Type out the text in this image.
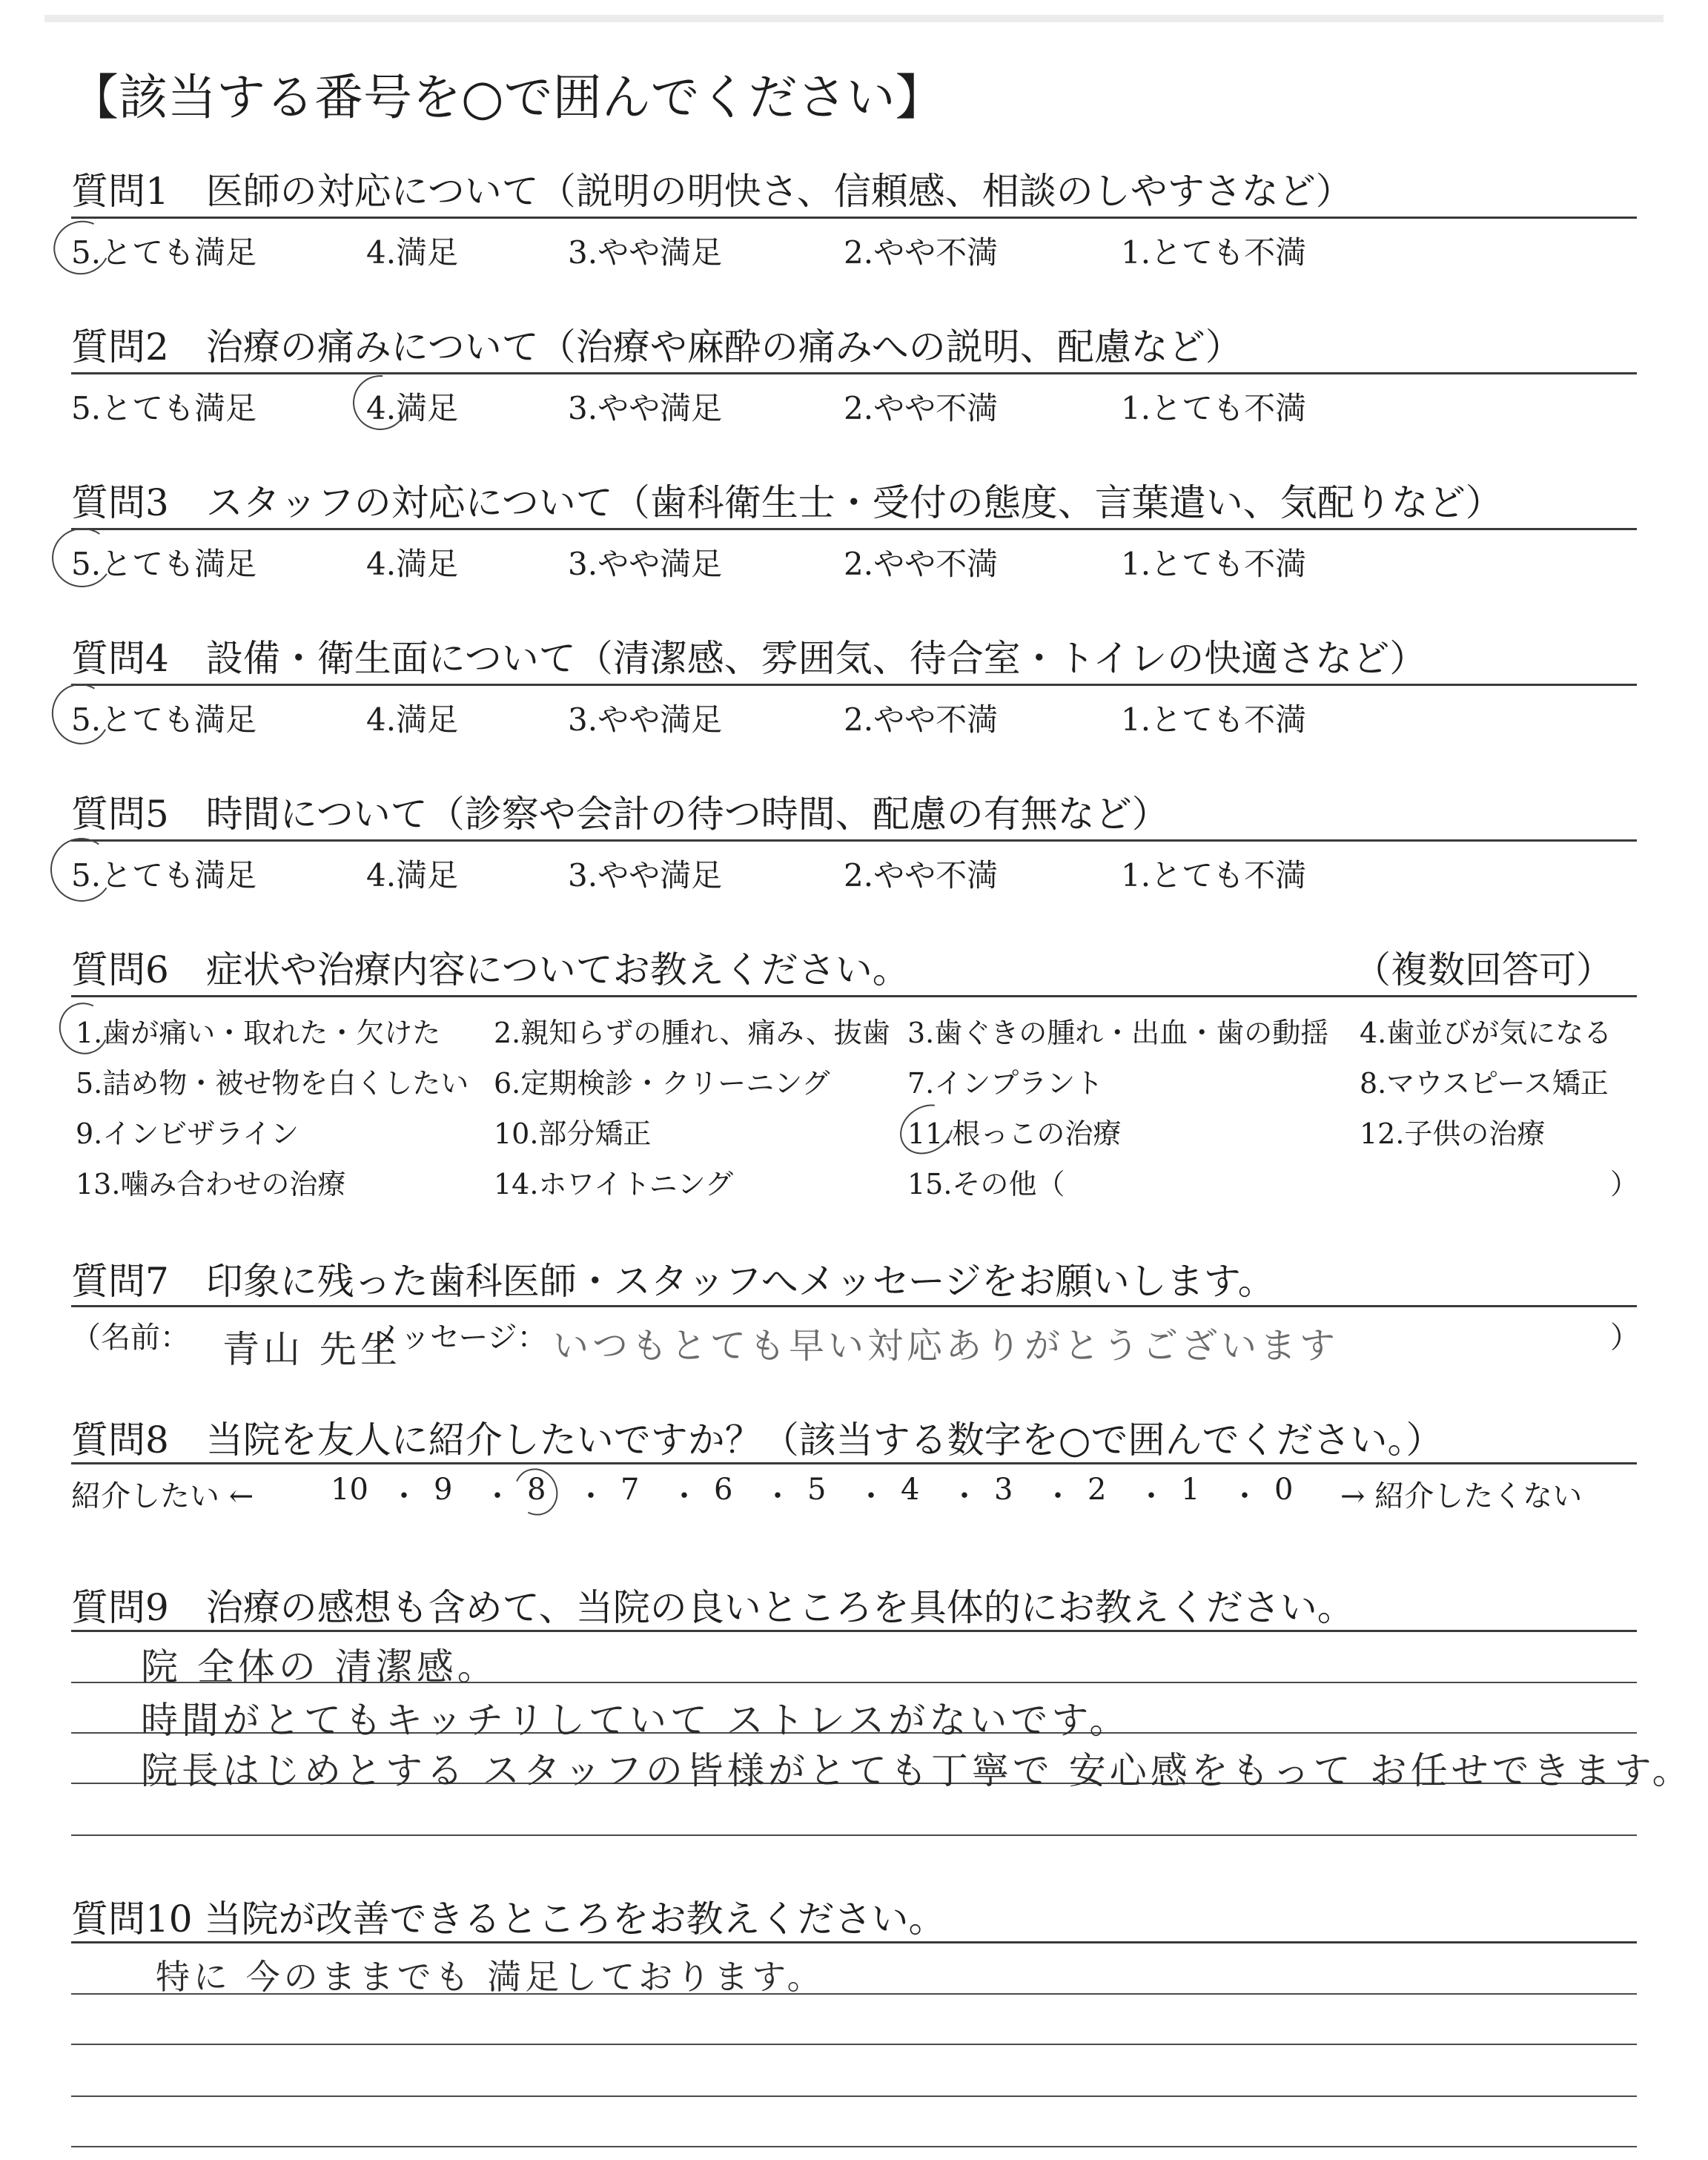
【該当する番号を○で囲んでください】
質問1　医師の対応について（説明の明快さ、信頼感、相談のしやすさなど）
5.とても満足	4.満足	3.やや満足	2.やや不満	1.とても不満
質問2　治療の痛みについて（治療や麻酔の痛みへの説明、配慮など）
5.とても満足	4.満足	3.やや満足	2.やや不満	1.とても不満
質問3　スタッフの対応について（歯科衛生士・受付の態度、言葉遣い、気配りなど）
5.とても満足	4.満足	3.やや満足	2.やや不満	1.とても不満
質問4　設備・衛生面について（清潔感、雰囲気、待合室・トイレの快適さなど）
5.とても満足	4.満足	3.やや満足	2.やや不満	1.とても不満
質問5　時間について（診察や会計の待つ時間、配慮の有無など）
5.とても満足	4.満足	3.やや満足	2.やや不満	1.とても不満
質問6　症状や治療内容についてお教えください。	（複数回答可）
1.歯が痛い・取れた・欠けた 2.親知らずの腫れ、痛み、抜歯 3.歯ぐきの腫れ・出血・歯の動揺 4.歯並びが気になる
5.詰め物・被せ物を白くしたい 6.定期検診・クリーニング	7.インプラント	8.マウスピース矯正
9.インビザライン	10.部分矯正	11.根っこの治療	12.子供の治療
13.噛み合わせの治療	14.ホワイトニング	15.その他（	）
質問7　印象に残った歯科医師・スタッフへメッセージをお願いします。
（名前： 青山 先生
メッセージ： いつもとても早い対応ありがとうございます	）
質問8　当院を友人に紹介したいですか？（該当する数字を○で囲んでください。）
紹介したい ←	→ 紹介したくない
10 ・ 9 ・ 8 ・ 7 ・ 6 ・ 5 ・ 4 ・ 3 ・ 2 ・ 1 ・ 0
質問9　治療の感想も含めて、当院の良いところを具体的にお教えください。
院 全体の 清潔感。
時間がとてもキッチリしていて ストレスがないです。
院長はじめとする スタッフの皆様がとても丁寧で 安心感をもって お任せできます。
質問10 当院が改善できるところをお教えください。
特に 今のままでも 満足しております。
